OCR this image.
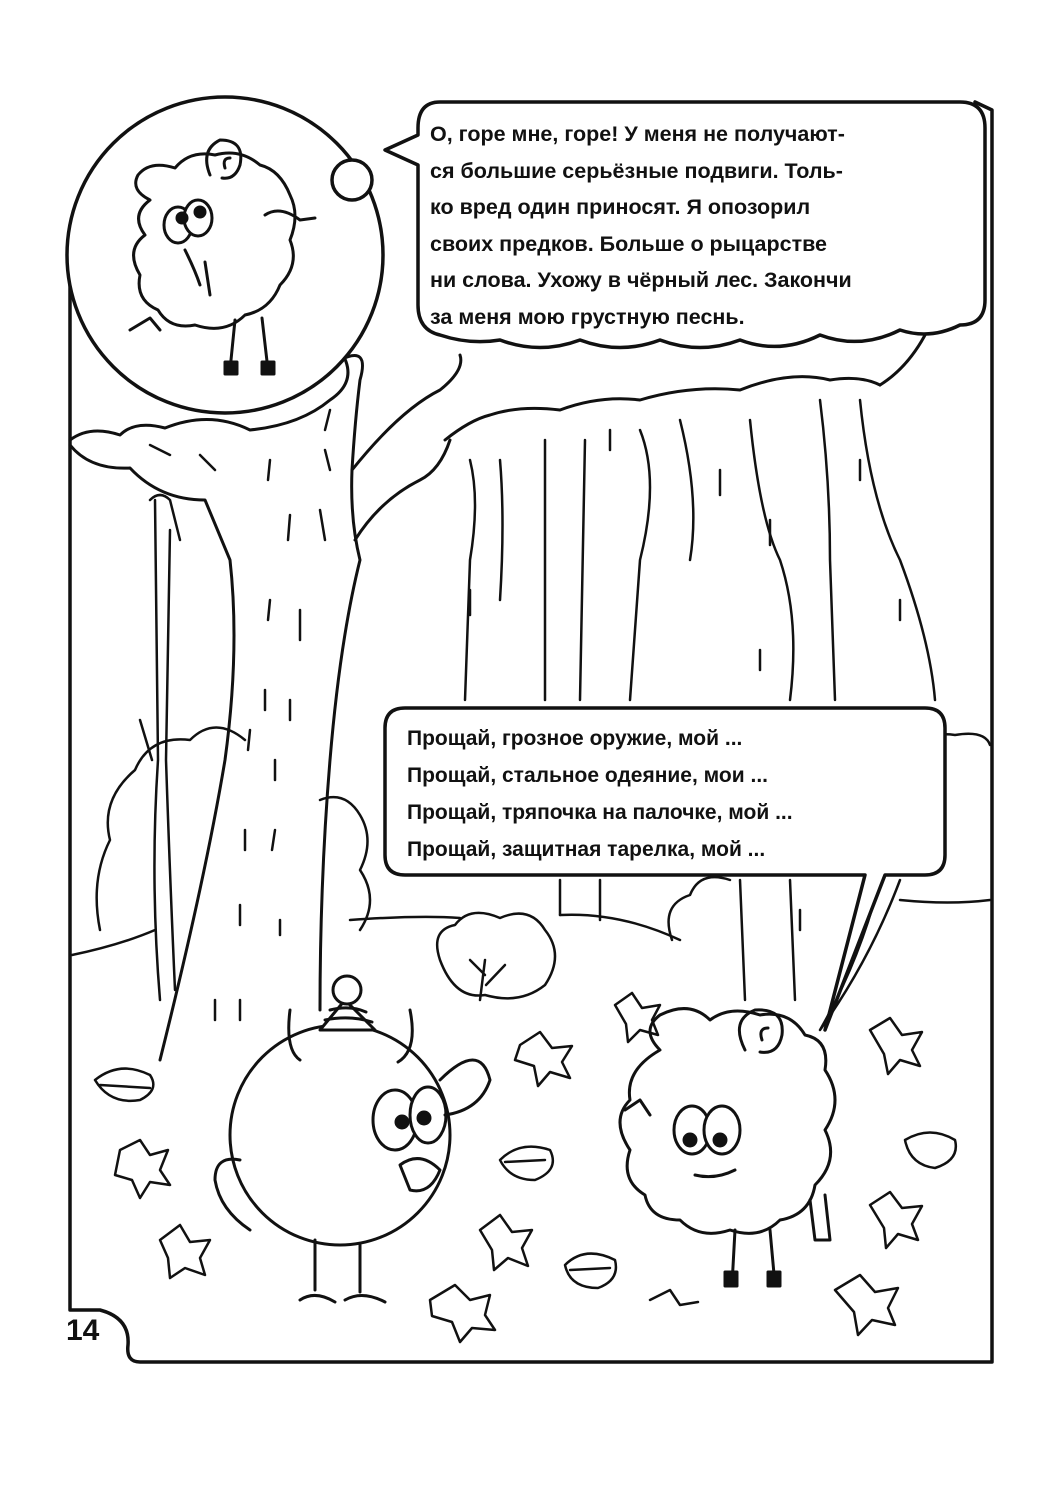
О, горе мне, горе! У меня не получают-

ся большие серьёзные подвиги. Толь-

ко вред один приносят. Я опозорил

своих предков. Больше о рыцарстве

ни слова. Ухожу в чёрный лес. Закончи

за меня мою грустную песнь.

Прощай, грозное оружие, мой ...

Прощай, стальное одеяние, мои ...

Прощай, тряпочка на палочке, мой ...

Прощай, защитная тарелка, мой ...

14
